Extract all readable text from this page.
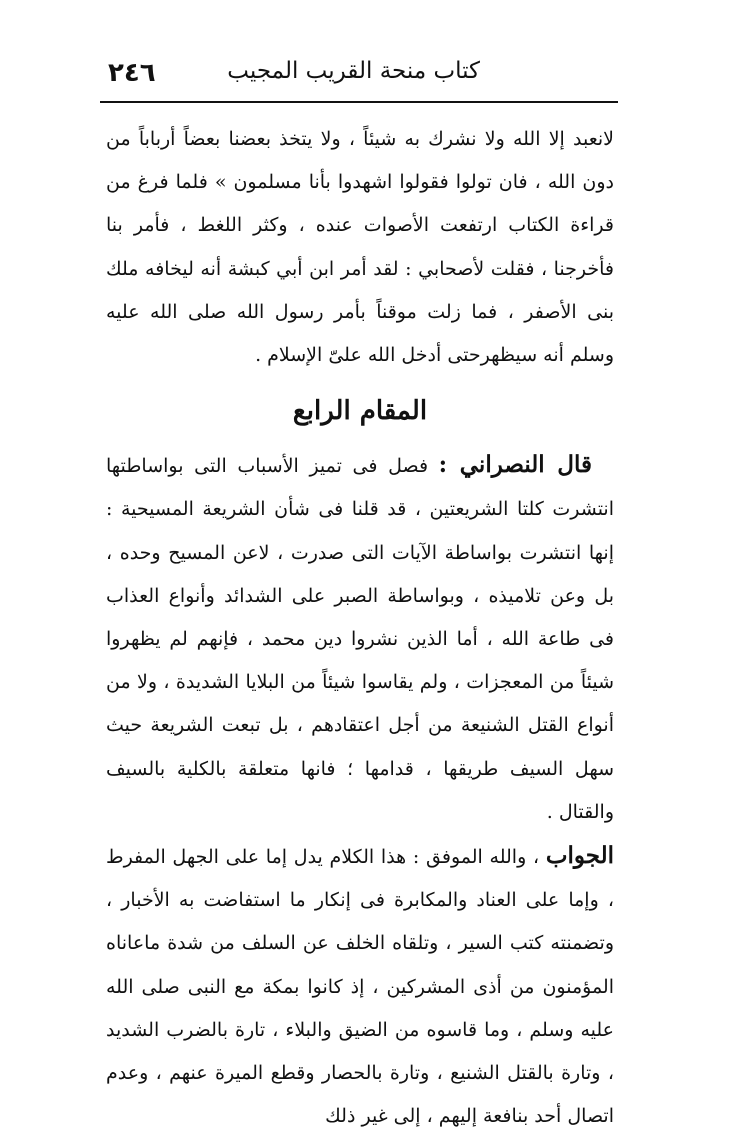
٢٤٦	كتاب منحة القريب المجيب

لانعبد إلا الله ولا نشرك به شيئاً ، ولا يتخذ بعضنا بعضاً أرباباً من دون الله ، فان تولوا فقولوا اشهدوا بأنا مسلمون » فلما فرغ من قراءة الكتاب ارتفعت الأصوات عنده ، وكثر اللغط ، فأمر بنا فأخرجنا ، فقلت لأصحابي : لقد أمر ابن أبي كبشة أنه ليخافه ملك بنى الأصفر ، فما زلت موقناً بأمر رسول الله صلى الله عليه وسلم أنه سيظهرحتى أدخل الله علىّ الإسلام .

المقام الرابع

قال النصراني : فصل فى تميز الأسباب التى بواساطتها انتشرت كلتا الشريعتين ، قد قلنا فى شأن الشريعة المسيحية : إنها انتشرت بواساطة الآيات التى صدرت ، لاعن المسيح وحده ، بل وعن تلاميذه ، وبواساطة الصبر على الشدائد وأنواع العذاب فى طاعة الله ، أما الذين نشروا دين محمد ، فإنهم لم يظهروا شيئاً من المعجزات ، ولم يقاسوا شيئاً من البلايا الشديدة ، ولا من أنواع القتل الشنيعة من أجل اعتقادهم ، بل تبعت الشريعة حيث سهل السيف طريقها ، قدامها ؛ فانها متعلقة بالكلية بالسيف والقتال .

الجواب ، والله الموفق : هذا الكلام يدل إما على الجهل المفرط ، وإما على العناد والمكابرة فى إنكار ما استفاضت به الأخبار ، وتضمنته كتب السير ، وتلقاه الخلف عن السلف من شدة ماعاناه المؤمنون من أذى المشركين ، إذ كانوا بمكة مع النبى صلى الله عليه وسلم ، وما قاسوه من الضيق والبلاء ، تارة بالضرب الشديد ، وتارة بالقتل الشنيع ، وتارة بالحصار وقطع الميرة عنهم ، وعدم اتصال أحد بنافعة إليهم ، إلى غير ذلك
